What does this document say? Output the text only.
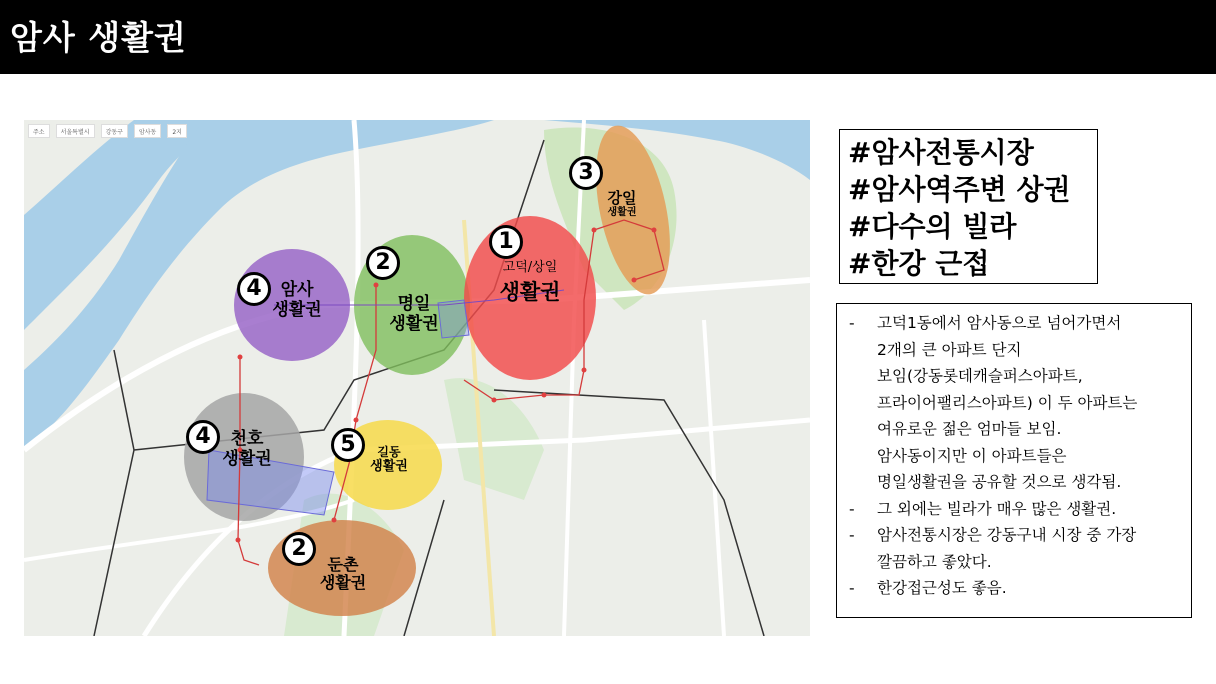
암사 생활권
주소	서울특별시	강동구	암사동	2지
1
고덕/상일
생활권
2
명일
생활권
3
강일
생활권
4	암사
생활권
4	천호
생활권
5	길동
생활권
2
둔촌
생활권
#암사전통시장
#암사역주변 상권
#다수의 빌라
#한강 근접
- 고덕1동에서 암사동으로 넘어가면서
2개의 큰 아파트 단지
보임(강동롯데캐슬퍼스아파트,
프라이어팰리스아파트) 이 두 아파트는
여유로운 젊은 엄마들 보임.
암사동이지만 이 아파트들은
명일생활권을 공유할 것으로 생각됨.
- 그 외에는 빌라가 매우 많은 생활권.
- 암사전통시장은 강동구내 시장 중 가장
깔끔하고 좋았다.
- 한강접근성도 좋음.
